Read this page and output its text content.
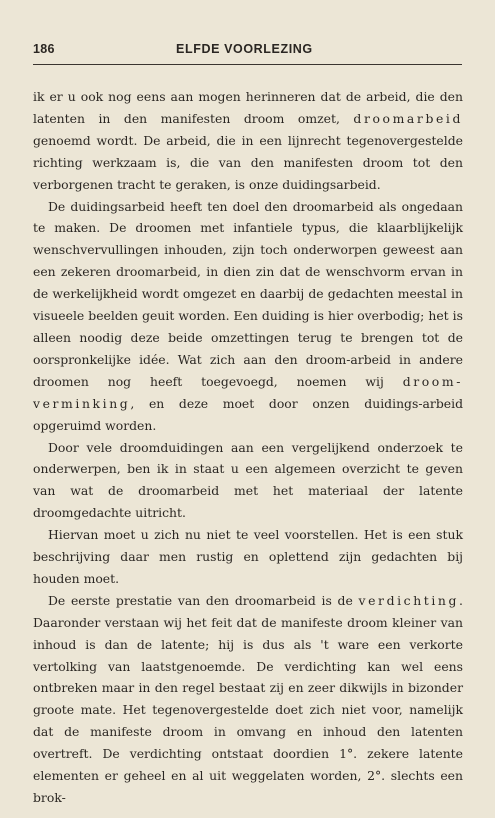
186	ELFDE VOORLEZING

ik er u ook nog eens aan mogen herinneren dat de arbeid, die den latenten in den manifesten droom omzet, droomarbeid genoemd wordt. De arbeid, die in een lijnrecht tegenovergestelde richting werkzaam is, die van den manifesten droom tot den verborgenen tracht te geraken, is onze duidingsarbeid.

De duidingsarbeid heeft ten doel den droomarbeid als ongedaan te maken. De droomen met infantiele typus, die klaarblijkelijk wenschvervullingen inhouden, zijn toch onderworpen geweest aan een zekeren droomarbeid, in dien zin dat de wenschvorm ervan in de werkelijkheid wordt omgezet en daarbij de gedachten meestal in visueele beelden geuit worden. Een duiding is hier overbodig; het is alleen noodig deze beide omzettingen terug te brengen tot de oorspronkelijke idée. Wat zich aan den droom-arbeid in andere droomen nog heeft toegevoegd, noemen wij droom-verminking, en deze moet door onzen duidings-arbeid opgeruimd worden.

Door vele droomduidingen aan een vergelijkend onderzoek te onderwerpen, ben ik in staat u een algemeen overzicht te geven van wat de droomarbeid met het materiaal der latente droomgedachte uitricht.

Hiervan moet u zich nu niet te veel voorstellen. Het is een stuk beschrijving daar men rustig en oplettend zijn gedachten bij houden moet.

De eerste prestatie van den droomarbeid is de verdichting. Daaronder verstaan wij het feit dat de manifeste droom kleiner van inhoud is dan de latente; hij is dus als 't ware een verkorte vertolking van laatstgenoemde. De verdichting kan wel eens ontbreken maar in den regel bestaat zij en zeer dikwijls in bizonder groote mate. Het tegenovergestelde doet zich niet voor, namelijk dat de manifeste droom in omvang en inhoud den latenten overtreft. De verdichting ontstaat doordien 1°. zekere latente elementen er geheel en al uit weggelaten worden, 2°. slechts een brok-
